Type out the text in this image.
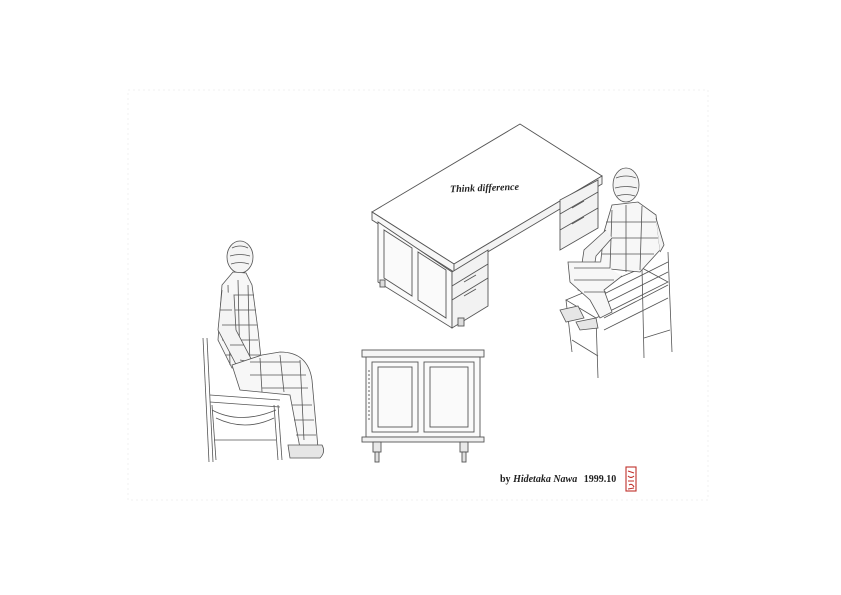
Think difference
by Hidetaka Nawa 1999.10
